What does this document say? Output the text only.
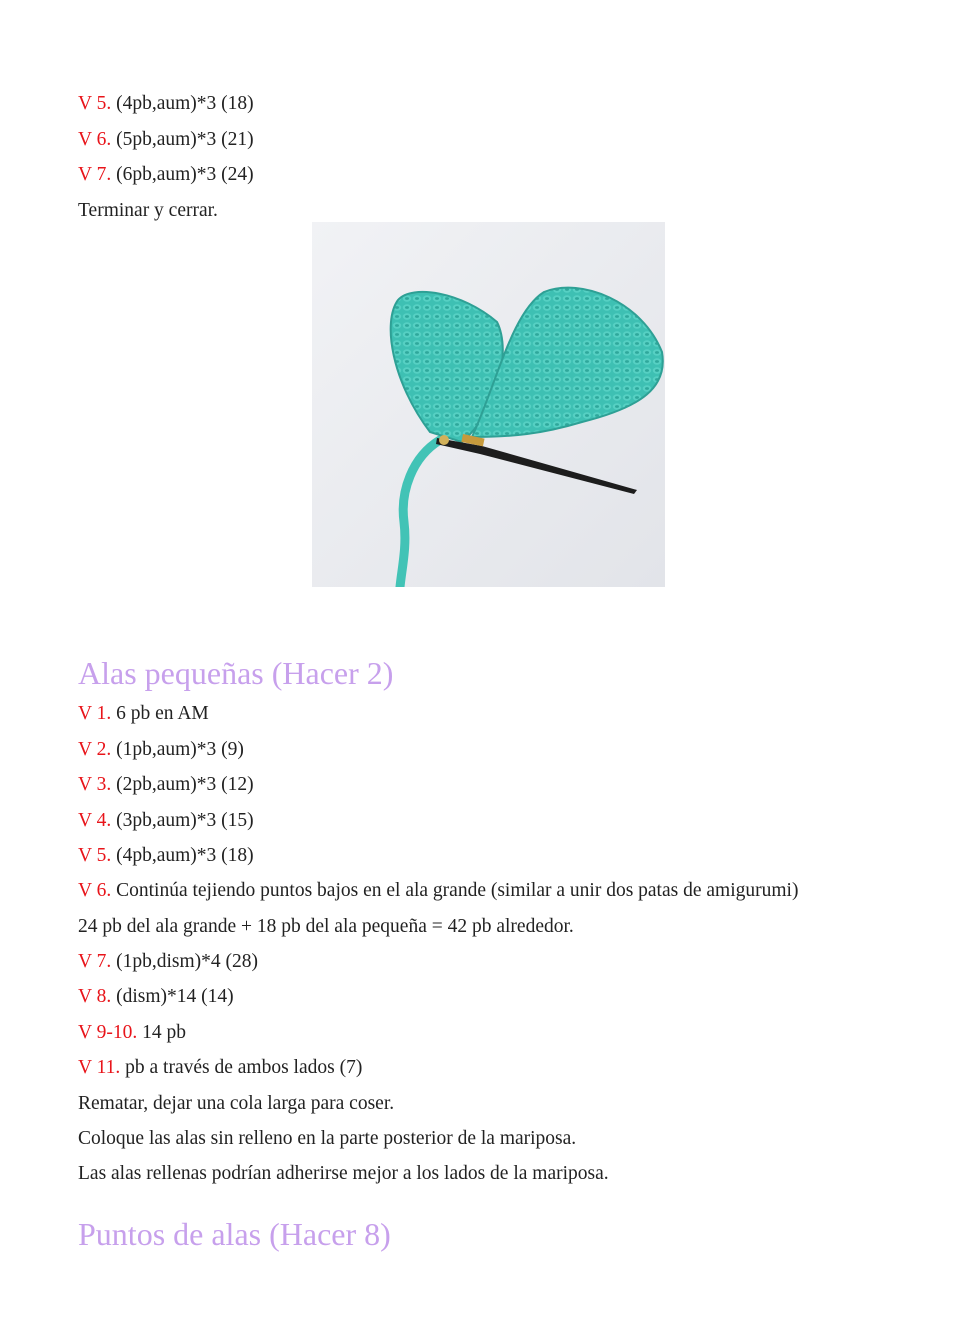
V 5. (4pb,aum)*3 (18)
V 6. (5pb,aum)*3 (21)
V 7. (6pb,aum)*3 (24)
Terminar y cerrar.
Alas pequeñas (Hacer 2)
V 1. 6 pb en AM
V 2. (1pb,aum)*3 (9)
V 3. (2pb,aum)*3 (12)
V 4. (3pb,aum)*3 (15)
V 5. (4pb,aum)*3 (18)
V 6. Continúa tejiendo puntos bajos en el ala grande (similar a unir dos patas de amigurumi)
24 pb del ala grande + 18 pb del ala pequeña = 42 pb alrededor.
V 7. (1pb,dism)*4 (28)
V 8. (dism)*14 (14)
V 9-10. 14 pb
V 11. pb a través de ambos lados (7)
Rematar, dejar una cola larga para coser.
Coloque las alas sin relleno en la parte posterior de la mariposa.
Las alas rellenas podrían adherirse mejor a los lados de la mariposa.
Puntos de alas (Hacer 8)
